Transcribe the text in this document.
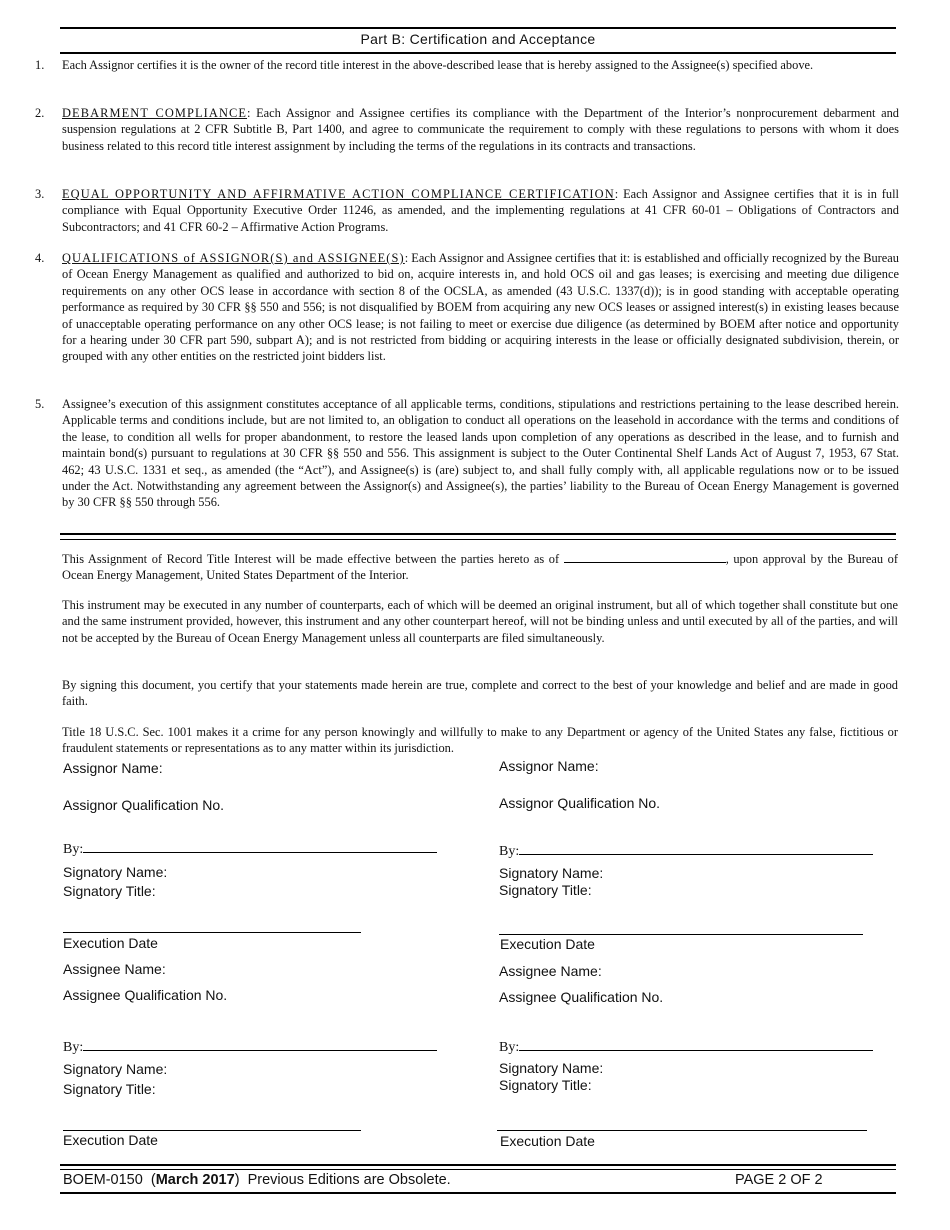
Part B: Certification and Acceptance
1. Each Assignor certifies it is the owner of the record title interest in the above-described lease that is hereby assigned to the Assignee(s) specified above.
2. DEBARMENT COMPLIANCE: Each Assignor and Assignee certifies its compliance with the Department of the Interior’s nonprocurement debarment and suspension regulations at 2 CFR Subtitle B, Part 1400, and agree to communicate the requirement to comply with these regulations to persons with whom it does business related to this record title interest assignment by including the terms of the regulations in its contracts and transactions.
3. EQUAL OPPORTUNITY AND AFFIRMATIVE ACTION COMPLIANCE CERTIFICATION: Each Assignor and Assignee certifies that it is in full compliance with Equal Opportunity Executive Order 11246, as amended, and the implementing regulations at 41 CFR 60-01 – Obligations of Contractors and Subcontractors; and 41 CFR 60-2 – Affirmative Action Programs.
4. QUALIFICATIONS of ASSIGNOR(S) and ASSIGNEE(S): Each Assignor and Assignee certifies that it: is established and officially recognized by the Bureau of Ocean Energy Management as qualified and authorized to bid on, acquire interests in, and hold OCS oil and gas leases; is exercising and meeting due diligence requirements on any other OCS lease in accordance with section 8 of the OCSLA, as amended (43 U.S.C. 1337(d)); is in good standing with acceptable operating performance as required by 30 CFR §§ 550 and 556; is not disqualified by BOEM from acquiring any new OCS leases or assigned interest(s) in existing leases because of unacceptable operating performance on any other OCS lease; is not failing to meet or exercise due diligence (as determined by BOEM after notice and opportunity for a hearing under 30 CFR part 590, subpart A); and is not restricted from bidding or acquiring interests in the lease or officially designated subdivision, therein, or grouped with any other entities on the restricted joint bidders list.
5. Assignee’s execution of this assignment constitutes acceptance of all applicable terms, conditions, stipulations and restrictions pertaining to the lease described herein. Applicable terms and conditions include, but are not limited to, an obligation to conduct all operations on the leasehold in accordance with the terms and conditions of the lease, to condition all wells for proper abandonment, to restore the leased lands upon completion of any operations as described in the lease, and to furnish and maintain bond(s) pursuant to regulations at 30 CFR §§ 550 and 556. This assignment is subject to the Outer Continental Shelf Lands Act of August 7, 1953, 67 Stat. 462; 43 U.S.C. 1331 et seq., as amended (the “Act”), and Assignee(s) is (are) subject to, and shall fully comply with, all applicable regulations now or to be issued under the Act. Notwithstanding any agreement between the Assignor(s) and Assignee(s), the parties’ liability to the Bureau of Ocean Energy Management is governed by 30 CFR §§ 550 through 556.
This Assignment of Record Title Interest will be made effective between the parties hereto as of	, upon approval by the Bureau of Ocean Energy Management, United States Department of the Interior.
This instrument may be executed in any number of counterparts, each of which will be deemed an original instrument, but all of which together shall constitute but one and the same instrument provided, however, this instrument and any other counterpart hereof, will not be binding unless and until executed by all of the parties, and will not be accepted by the Bureau of Ocean Energy Management unless all counterparts are filed simultaneously.
By signing this document, you certify that your statements made herein are true, complete and correct to the best of your knowledge and belief and are made in good faith.
Title 18 U.S.C. Sec. 1001 makes it a crime for any person knowingly and willfully to make to any Department or agency of the United States any false, fictitious or fraudulent statements or representations as to any matter within its jurisdiction.
Assignor Name:
Assignor Qualification No.
By:
Signatory Name:
Signatory Title:
Execution Date
Assignee Name:
Assignee Qualification No.
By:
Signatory Name:
Signatory Title:
Execution Date
Assignor Name:
Assignor Qualification No.
By:
Signatory Name:
Signatory Title:
Execution Date
Assignee Name:
Assignee Qualification No.
By:
Signatory Name:
Signatory Title:
Execution Date
BOEM-0150  (March 2017)  Previous Editions are Obsolete.	PAGE 2 OF 2
